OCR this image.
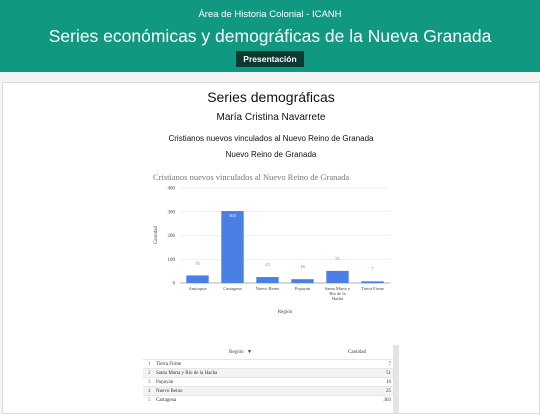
Área de Historia Colonial - ICANH
Series económicas y demográficas de la Nueva Granada
Presentación
Series demográficas
María Cristina Navarrete
Cristianos nuevos vinculados al Nuevo Reino de Granada
Nuevo Reino de Granada
Cristianos nuevos vinculados al Nuevo Reino de Granada
0
100
200
300
400
32
Antioquia
303
Cartagena
25
Nuevo Reino
16
Popayán
51
Santa Marta y
Río de la
Hacha
7
Tierra Firme
Región
Cantidad
Región ▼	Cantidad
1 Tierra Firme	7
2 Santa Marta y Río de la Hacha	51
3 Popayán	16
4 Nuevo Reino	25
5 Cartagena	303
